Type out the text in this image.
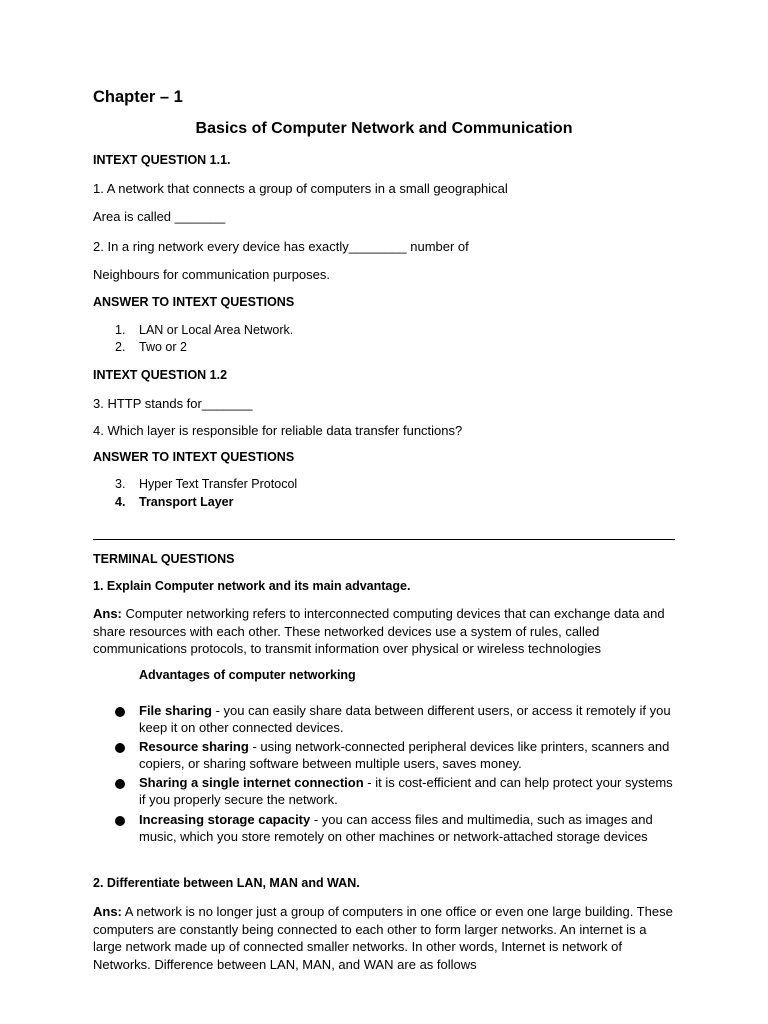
Chapter – 1
Basics of Computer Network and Communication
INTEXT QUESTION 1.1.
1. A network that connects a group of computers in a small geographical
Area is called _______
2. In a ring network every device has exactly________ number of
Neighbours for communication purposes.
ANSWER TO INTEXT QUESTIONS
1. LAN or Local Area Network.
2. Two or 2
INTEXT QUESTION 1.2
3. HTTP stands for_______
4. Which layer is responsible for reliable data transfer functions?
ANSWER TO INTEXT QUESTIONS
3. Hyper Text Transfer Protocol
4. Transport Layer
TERMINAL QUESTIONS
1. Explain Computer network and its main advantage.
Ans: Computer networking refers to interconnected computing devices that can exchange data and share resources with each other. These networked devices use a system of rules, called communications protocols, to transmit information over physical or wireless technologies
Advantages of computer networking
File sharing - you can easily share data between different users, or access it remotely if you keep it on other connected devices.
Resource sharing - using network-connected peripheral devices like printers, scanners and copiers, or sharing software between multiple users, saves money.
Sharing a single internet connection - it is cost-efficient and can help protect your systems if you properly secure the network.
Increasing storage capacity - you can access files and multimedia, such as images and music, which you store remotely on other machines or network-attached storage devices
2. Differentiate between LAN, MAN and WAN.
Ans: A network is no longer just a group of computers in one office or even one large building. These computers are constantly being connected to each other to form larger networks. An internet is a large network made up of connected smaller networks. In other words, Internet is network of Networks. Difference between LAN, MAN, and WAN are as follows
